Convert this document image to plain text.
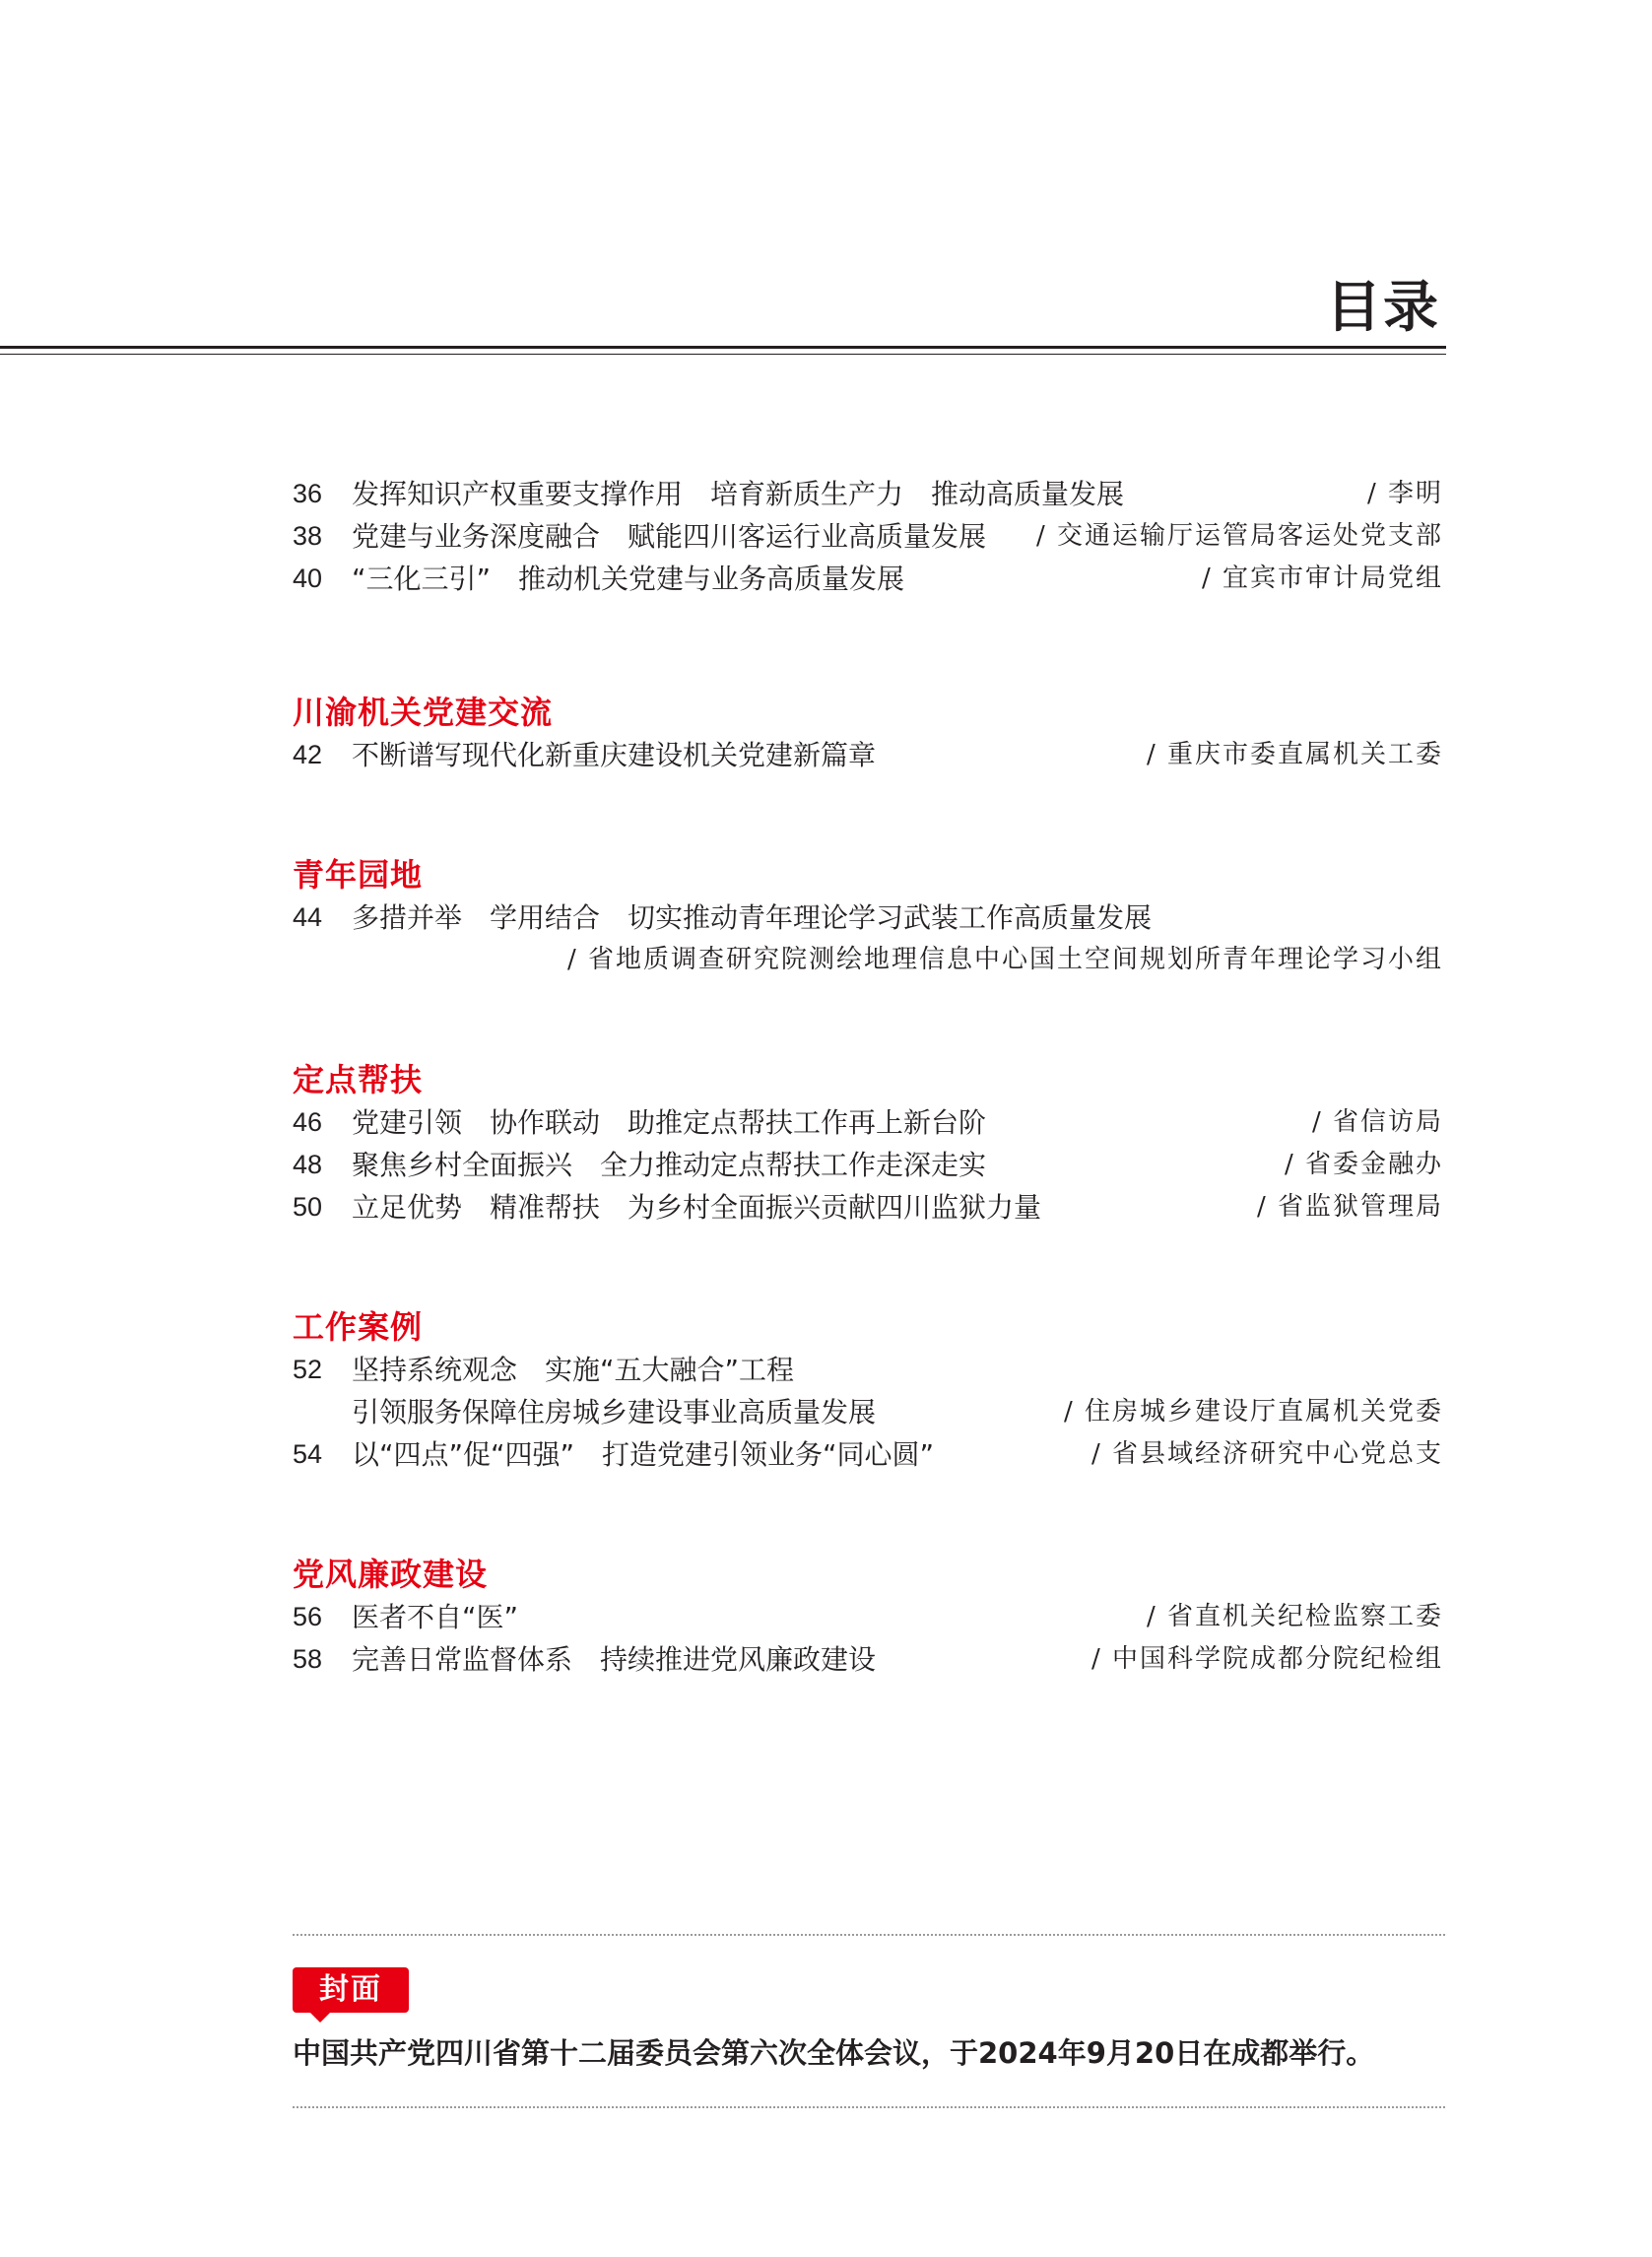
目录
36	发挥知识产权重要支撑作用　培育新质生产力　推动高质量发展	/ 李明
38	党建与业务深度融合　赋能四川客运行业高质量发展	/ 交通运输厅运管局客运处党支部
40	“三化三引”　推动机关党建与业务高质量发展	/ 宜宾市审计局党组
川渝机关党建交流
42	不断谱写现代化新重庆建设机关党建新篇章	/ 重庆市委直属机关工委
青年园地
44	多措并举　学用结合　切实推动青年理论学习武装工作高质量发展
/ 省地质调查研究院测绘地理信息中心国土空间规划所青年理论学习小组
定点帮扶
46	党建引领　协作联动　助推定点帮扶工作再上新台阶	/ 省信访局
48	聚焦乡村全面振兴　全力推动定点帮扶工作走深走实	/ 省委金融办
50	立足优势　精准帮扶　为乡村全面振兴贡献四川监狱力量	/ 省监狱管理局
工作案例
52	坚持系统观念　实施“五大融合”工程
引领服务保障住房城乡建设事业高质量发展	/ 住房城乡建设厅直属机关党委
54	以“四点”促“四强”　打造党建引领业务“同心圆”	/ 省县域经济研究中心党总支
党风廉政建设
56	医者不自“医”	/ 省直机关纪检监察工委
58	完善日常监督体系　持续推进党风廉政建设	/ 中国科学院成都分院纪检组
封面
中国共产党四川省第十二届委员会第六次全体会议，于2024年9月20日在成都举行。
